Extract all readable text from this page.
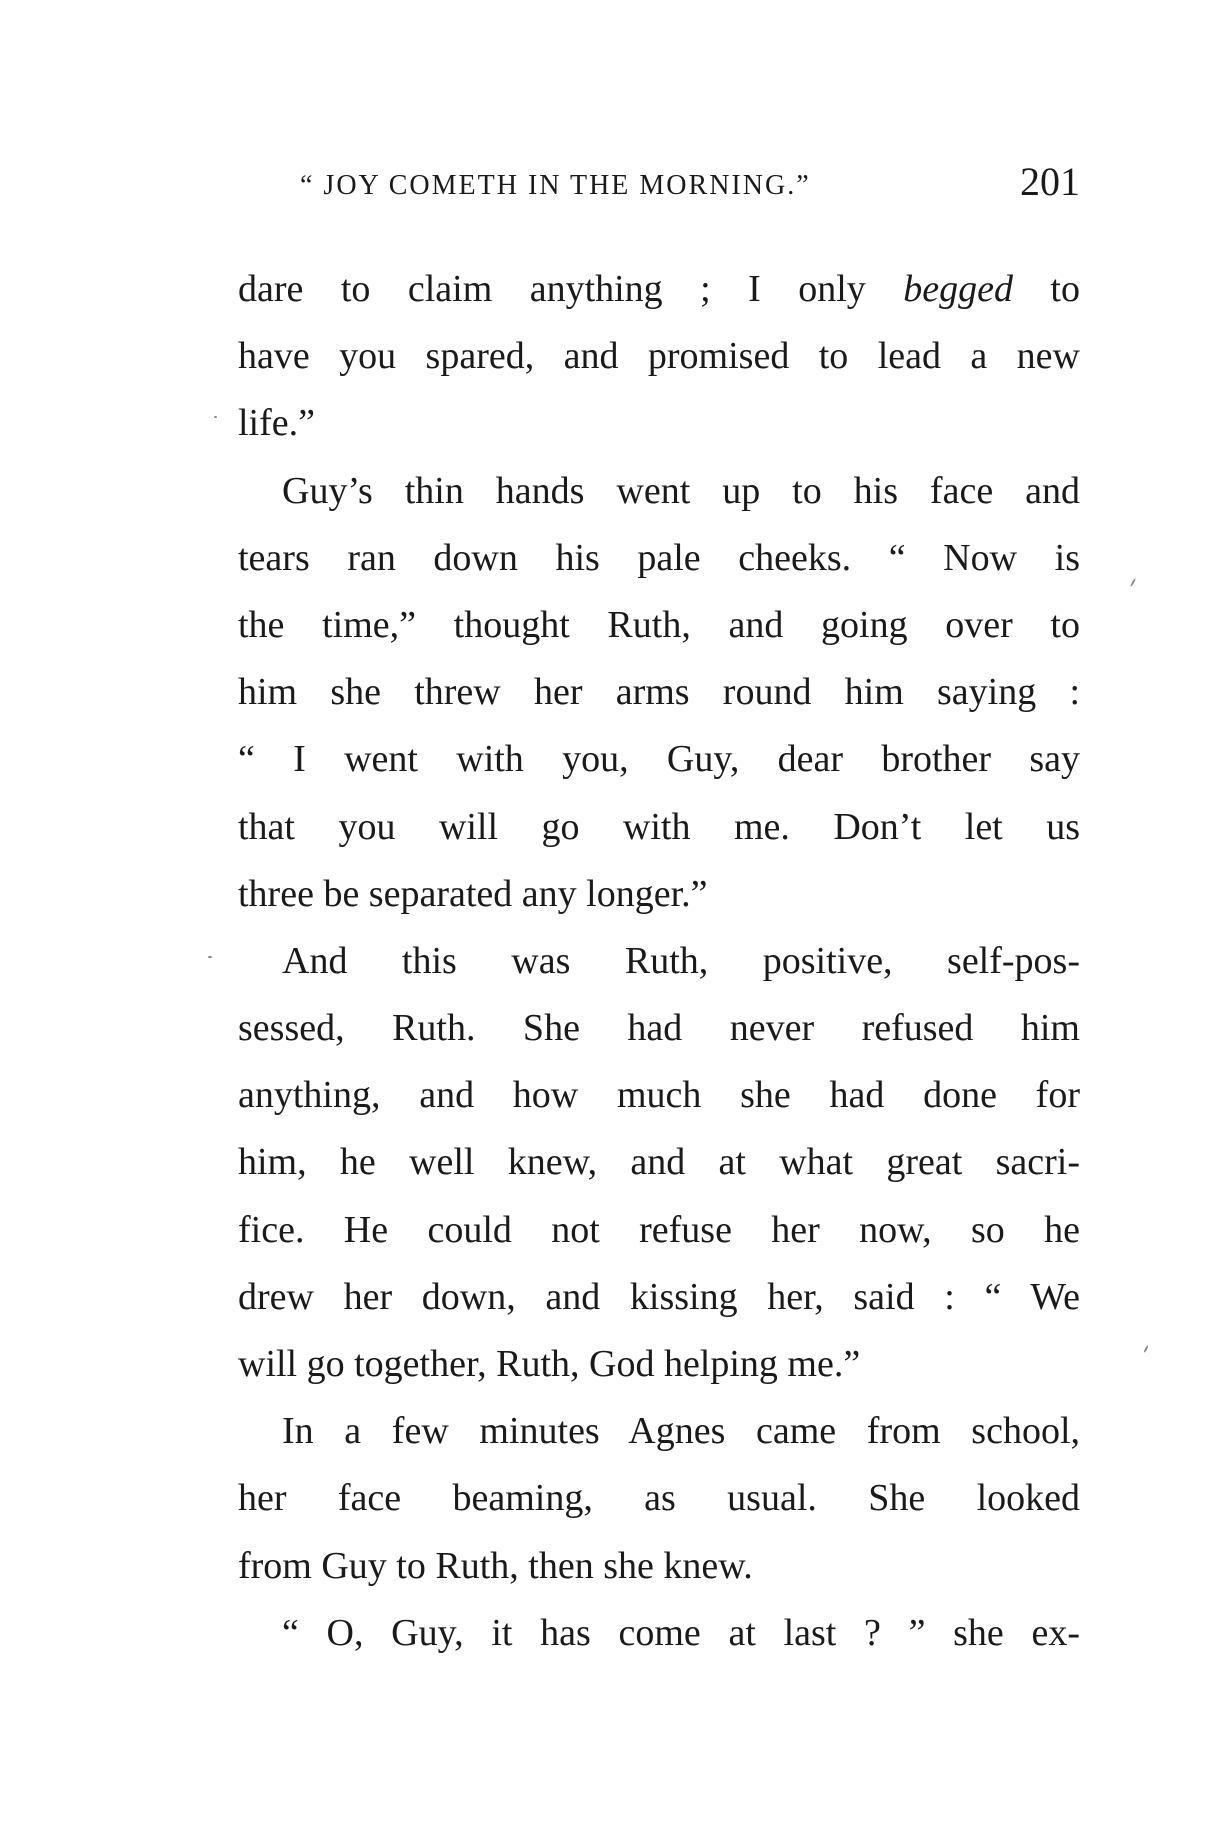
“ JOY COMETH IN THE MORNING.”	201
dare to claim anything ; I only begged to
have you spared, and promised to lead a new
life.”
Guy’s thin hands went up to his face and
tears ran down his pale cheeks. “ Now is
the time,” thought Ruth, and going over to
him she threw her arms round him saying :
“ I went with you, Guy, dear brother say
that you will go with me. Don’t let us
three be separated any longer.”
And this was Ruth, positive, self-pos-
sessed, Ruth. She had never refused him
anything, and how much she had done for
him, he well knew, and at what great sacri-
fice. He could not refuse her now, so he
drew her down, and kissing her, said : “ We
will go together, Ruth, God helping me.”
In a few minutes Agnes came from school,
her face beaming, as usual. She looked
from Guy to Ruth, then she knew.
“ O, Guy, it has come at last ? ” she ex-
